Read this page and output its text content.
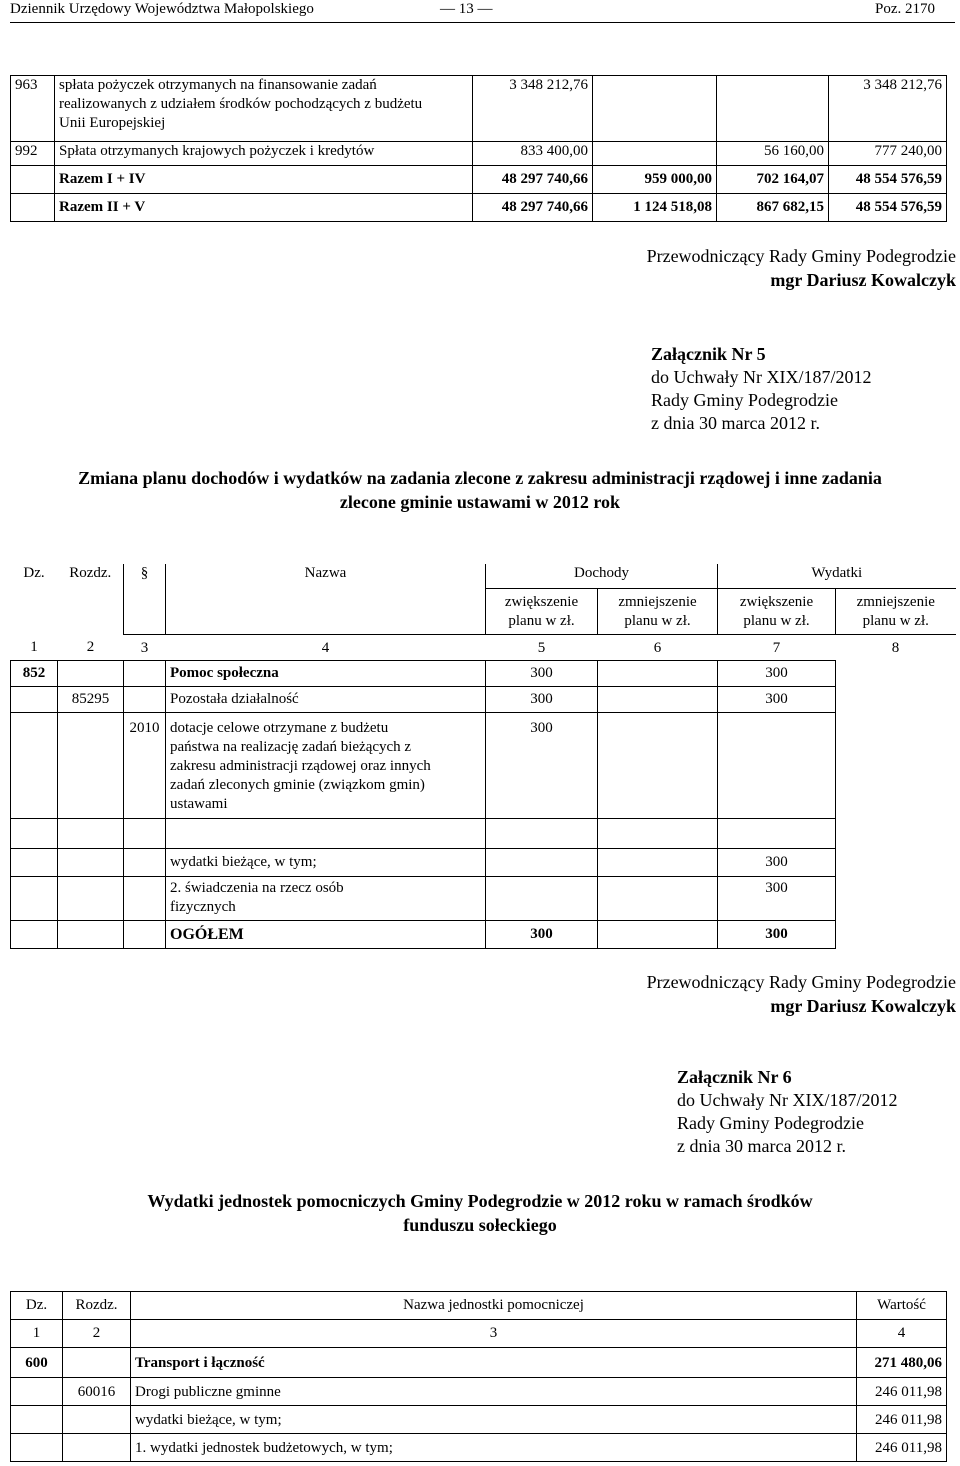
Dziennik Urzędowy Województwa Małopolskiego	— 13 —	Poz. 2170
963	spłata pożyczek otrzymanych na finansowanie zadań realizowanych z udziałem środków pochodzących z budżetu Unii Europejskiej	3 348 212,76			3 348 212,76
992	Spłata otrzymanych krajowych pożyczek i kredytów	833 400,00		56 160,00	777 240,00
	Razem I + IV	48 297 740,66	959 000,00	702 164,07	48 554 576,59
	Razem II + V	48 297 740,66	1 124 518,08	867 682,15	48 554 576,59
Przewodniczący Rady Gminy Podegrodzie
mgr Dariusz Kowalczyk
Załącznik Nr 5
do Uchwały Nr XIX/187/2012
Rady Gminy Podegrodzie
z dnia 30 marca 2012 r.
Zmiana planu dochodów i wydatków na zadania zlecone z zakresu administracji rządowej i inne zadania
zlecone gminie ustawami w 2012 rok
Dz.	Rozdz.	§	Nazwa	Dochody		Wydatki	
				zwiększenie planu w zł.	zmniejszenie planu w zł.	zwiększenie planu w zł.	zmniejszenie planu w zł.
1	2	3	4	5	6	7	8
852			Pomoc społeczna	300		300	
	85295		Pozostała działalność	300		300	
		2010	dotacje celowe otrzymane z budżetu państwa na realizację zadań bieżących z zakresu administracji rządowej oraz innych zadań zleconych gminie (związkom gmin) ustawami	300			

			wydatki bieżące, w tym;			300	
			2. świadczenia na rzecz osób fizycznych			300	
			OGÓŁEM	300		300	
Przewodniczący Rady Gminy Podegrodzie
mgr Dariusz Kowalczyk
Załącznik Nr 6
do Uchwały Nr XIX/187/2012
Rady Gminy Podegrodzie
z dnia 30 marca 2012 r.
Wydatki jednostek pomocniczych Gminy Podegrodzie w 2012 roku w ramach środków
funduszu sołeckiego
Dz.	Rozdz.	Nazwa jednostki pomocniczej	Wartość
1	2	3	4
600		Transport i łączność	271 480,06
	60016	Drogi publiczne gminne	246 011,98
		wydatki bieżące, w tym;	246 011,98
		1. wydatki jednostek budżetowych, w tym;	246 011,98
